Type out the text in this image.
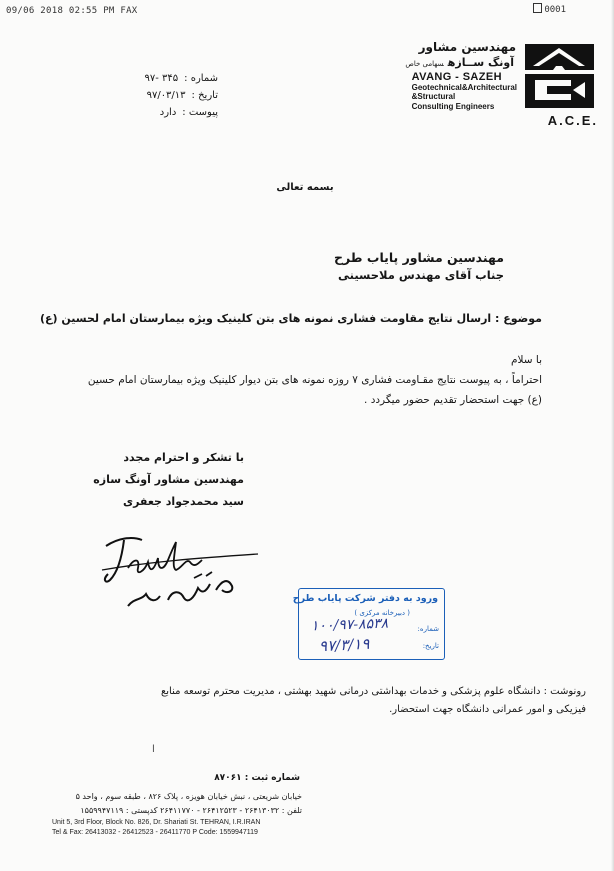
09/06 2018 02:55 PM FAX	0001
مهندسین مشاور
آونگ ســازهسهامی خاص
AVANG - SAZEH
Geotechnical&Architectural
&Structural
Consulting Engineers
A.C.E.
شماره :
۳۴۵ -۹۷
تاریخ :
۹۷/۰۳/۱۳
پیوست :
دارد
بسمه تعالی
مهندسین مشاور پایاب طرح
جناب آقای مهندس ملاحسینی
موضوع : ارسال نتایج مقاومت فشاری نمونه های بتن کلینیک ویژه بیمارستان امام لحسین (ع)

با سلام

احتراماً ، به پیوست نتایج مقـاومت فشاری ۷ روزه نمونه های بتن دیوار کلینیک ویژه بیمارستان امام حسین (ع) جهت استحضار تقدیم حضور میگردد .

با تشکر و احترام مجدد
مهندسین مشاور آونگ سازه
سید محمدجواد جعفری
ورود به دفتر شرکت پایاب طرح
( دبیرخانه مرکزی )
شماره:
تاریخ:
۱۰۰/۹۷-۸۵۳۸
۹۷/۳/۱۹

رونوشت : دانشگاه علوم پزشکی و خدمات بهداشتی درمانی شهید بهشتی ، مدیریت محترم توسعه منابع

فیزیکی و امور عمرانی دانشگاه جهت استحضار.

ا
شماره ثبت : ۸۷۰۶۱
خیابان شریعتی ، نبش خیابان هویزه ، پلاک ۸۲۶ ، طبقه سوم ، واحد ۵
تلفن : ۲۶۴۱۳۰۳۲ - ۲۶۴۱۲۵۲۳ - ۲۶۴۱۱۷۷۰ کدپستی : ۱۵۵۹۹۴۷۱۱۹
Unit 5, 3rd Floor, Block No. 826, Dr. Shariati St. TEHRAN, I.R.IRAN
Tel & Fax: 26413032 - 26412523 - 26411770 P Code: 1559947119
